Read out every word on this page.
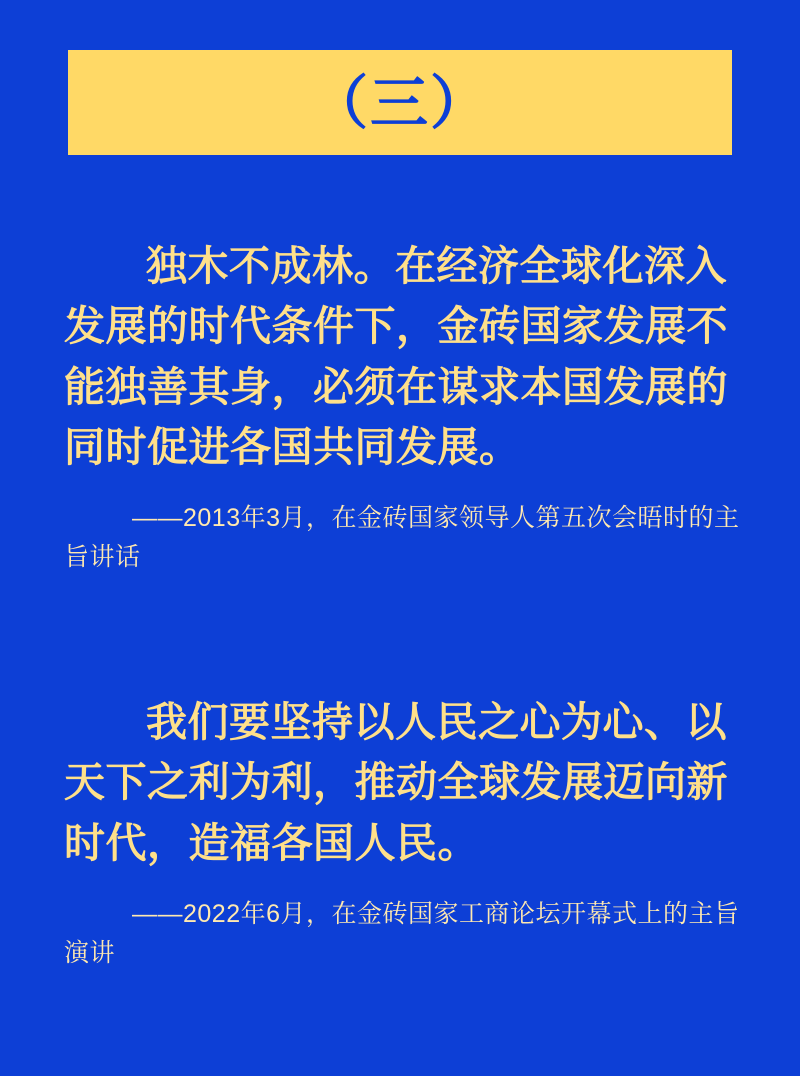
（三）

独木不成林。在经济全球化深入发展的时代条件下，金砖国家发展不能独善其身，必须在谋求本国发展的同时促进各国共同发展。

——2013年3月，在金砖国家领导人第五次会晤时的主旨讲话

我们要坚持以人民之心为心、以天下之利为利，推动全球发展迈向新时代，造福各国人民。

——2022年6月，在金砖国家工商论坛开幕式上的主旨演讲
